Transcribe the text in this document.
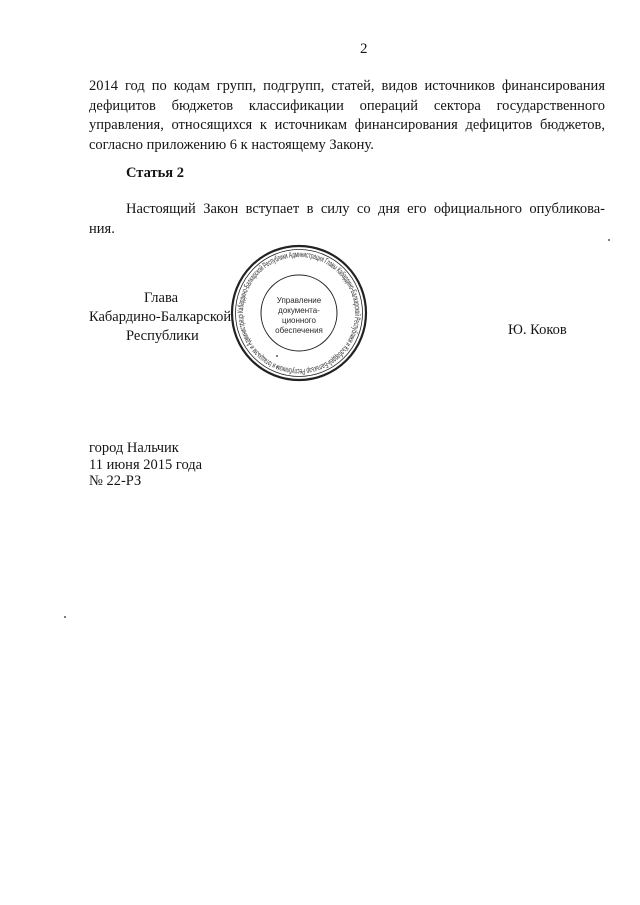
2

2014 год по кодам групп, подгрупп, статей, видов источников финансирования
дефицитов бюджетов классификации операций сектора государственного
управления, относящихся к источникам финансирования дефицитов бюджетов,
согласно приложению 6 к настоящему Закону.

Статья 2

Настоящий Закон вступает в силу со дня его официального опубликова-
ния.

Кабардино-Балкарской Республики Администрация Главы Кабардино-Балкарской Республики и Къэбэрдей-Балъкъэр Республикэ и Іэтащхьэм и Администрацэ
Управление
документа-
ционного
обеспечения
Глава
Кабардино-Балкарской
Республики	Ю. Коков
город Нальчик
11 июня 2015 года
№ 22-РЗ
